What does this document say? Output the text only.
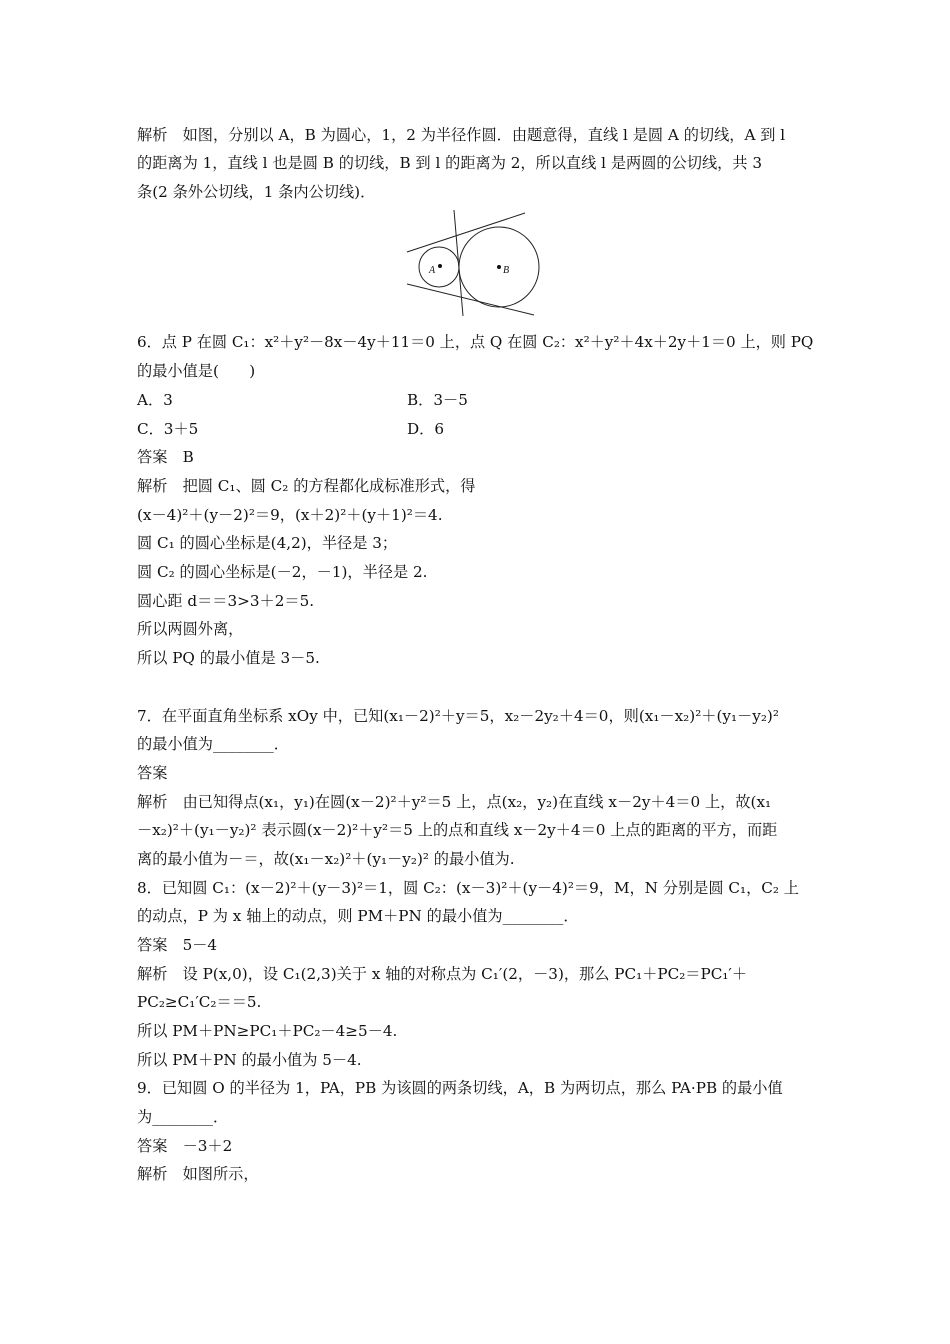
解析　如图，分别以 A，B 为圆心，1，2 为半径作圆．由题意得，直线 l 是圆 A 的切线，A 到 l

的距离为 1，直线 l 也是圆 B 的切线，B 到 l 的距离为 2，所以直线 l 是两圆的公切线，共 3

条(2 条外公切线，1 条内公切线)．

A	B

6．点 P 在圆 C₁：x²＋y²－8x－4y＋11＝0 上，点 Q 在圆 C₂：x²＋y²＋4x＋2y＋1＝0 上，则 PQ

的最小值是(　　)

A．3	B．3－5

C．3＋5	D．6

答案　B

解析　把圆 C₁、圆 C₂ 的方程都化成标准形式，得

(x－4)²＋(y－2)²＝9，(x＋2)²＋(y＋1)²＝4.

圆 C₁ 的圆心坐标是(4,2)，半径是 3；

圆 C₂ 的圆心坐标是(－2，－1)，半径是 2.

圆心距 d＝＝3>3＋2＝5.

所以两圆外离，

所以 PQ 的最小值是 3－5.

7．在平面直角坐标系 xOy 中，已知(x₁－2)²＋y＝5，x₂－2y₂＋4＝0，则(x₁－x₂)²＋(y₁－y₂)²

的最小值为________．

答案

解析　由已知得点(x₁，y₁)在圆(x－2)²＋y²＝5 上，点(x₂，y₂)在直线 x－2y＋4＝0 上，故(x₁

－x₂)²＋(y₁－y₂)² 表示圆(x－2)²＋y²＝5 上的点和直线 x－2y＋4＝0 上点的距离的平方，而距

离的最小值为－＝，故(x₁－x₂)²＋(y₁－y₂)² 的最小值为.

8．已知圆 C₁：(x－2)²＋(y－3)²＝1，圆 C₂：(x－3)²＋(y－4)²＝9，M，N 分别是圆 C₁，C₂ 上

的动点，P 为 x 轴上的动点，则 PM＋PN 的最小值为________．

答案　5－4

解析　设 P(x,0)，设 C₁(2,3)关于 x 轴的对称点为 C₁′(2，－3)，那么 PC₁＋PC₂＝PC₁′＋

PC₂≥C₁′C₂＝＝5.

所以 PM＋PN≥PC₁＋PC₂－4≥5－4.

所以 PM＋PN 的最小值为 5－4.

9．已知圆 O 的半径为 1，PA，PB 为该圆的两条切线，A，B 为两切点，那么 PA·PB 的最小值

为________．

答案　－3＋2

解析　如图所示，
